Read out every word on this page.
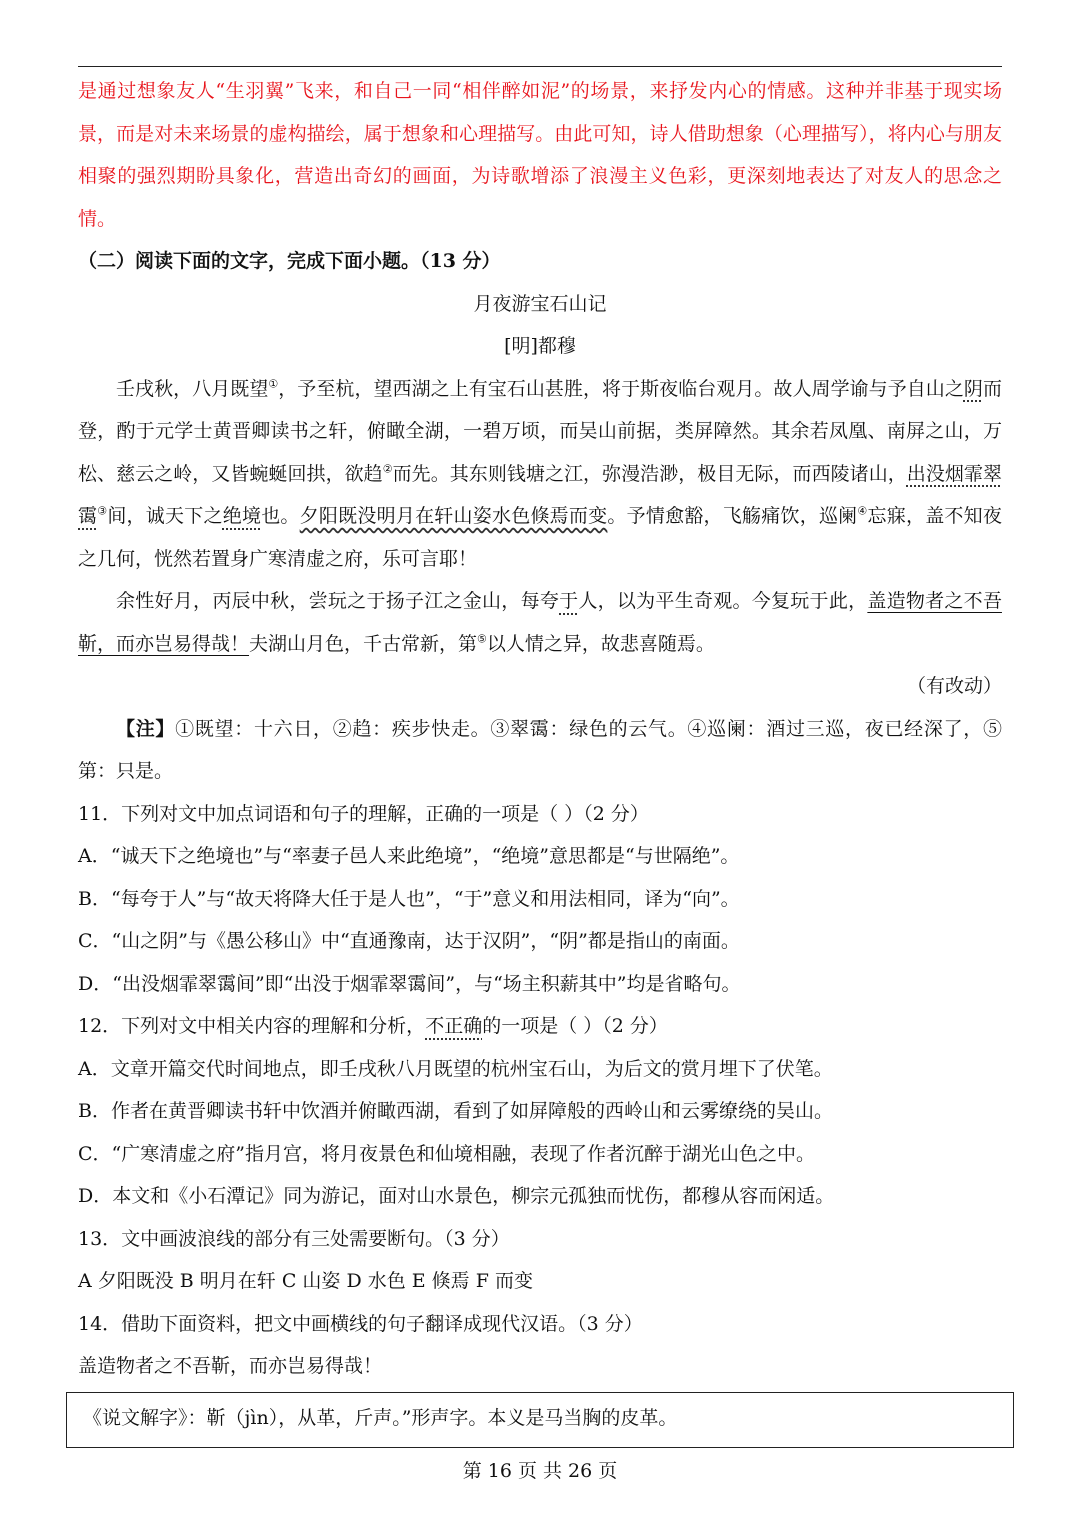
是通过想象友人“生羽翼”飞来，和自己一同“相伴醉如泥”的场景，来抒发内心的情感。这种并非基于现实场景，而是对未来场景的虚构描绘，属于想象和心理描写。由此可知，诗人借助想象（心理描写），将内心与朋友相聚的强烈期盼具象化，营造出奇幻的画面，为诗歌增添了浪漫主义色彩，更深刻地表达了对友人的思念之情。

（二）阅读下面的文字，完成下面小题。（13 分）

月夜游宝石山记

[明]都穆

壬戌秋，八月既望①，予至杭，望西湖之上有宝石山甚胜，将于斯夜临台观月。故人周学谕与予自山之阴而登，酌于元学士黄晋卿读书之轩，俯瞰全湖，一碧万顷，而吴山前据，类屏障然。其余若凤凰、南屏之山，万松、慈云之岭，又皆蜿蜒回拱，欲趋②而先。其东则钱塘之江，弥漫浩渺，极目无际，而西陵诸山，出没烟霏翠霭③间，诚天下之绝境也。夕阳既没明月在轩山姿水色倏焉而变。予情愈豁，飞觞痛饮，巡阑④忘寐，盖不知夜之几何，恍然若置身广寒清虚之府，乐可言耶！

余性好月，丙辰中秋，尝玩之于扬子江之金山，每夸于人，以为平生奇观。今复玩于此，盖造物者之不吾靳，而亦岂易得哉！夫湖山月色，千古常新，第⑤以人情之异，故悲喜随焉。

（有改动）

【注】①既望：十六日，②趋：疾步快走。③翠霭：绿色的云气。④巡阑：酒过三巡，夜已经深了，⑤第：只是。

11．下列对文中加点词语和句子的理解，正确的一项是（ ）（2 分）

A．“诚天下之绝境也”与“率妻子邑人来此绝境”，“绝境”意思都是“与世隔绝”。

B．“每夸于人”与“故天将降大任于是人也”，“于”意义和用法相同，译为“向”。

C．“山之阴”与《愚公移山》中“直通豫南，达于汉阴”，“阴”都是指山的南面。

D．“出没烟霏翠霭间”即“出没于烟霏翠霭间”，与“场主积薪其中”均是省略句。

12．下列对文中相关内容的理解和分析，不正确的一项是（ ）（2 分）

A．文章开篇交代时间地点，即壬戌秋八月既望的杭州宝石山，为后文的赏月埋下了伏笔。

B．作者在黄晋卿读书轩中饮酒并俯瞰西湖，看到了如屏障般的西岭山和云雾缭绕的吴山。

C．“广寒清虚之府”指月宫，将月夜景色和仙境相融，表现了作者沉醉于湖光山色之中。

D．本文和《小石潭记》同为游记，面对山水景色，柳宗元孤独而忧伤，都穆从容而闲适。

13．文中画波浪线的部分有三处需要断句。（3 分）

A 夕阳既没 B 明月在轩 C 山姿 D 水色 E 倏焉 F 而变

14．借助下面资料，把文中画横线的句子翻译成现代汉语。（3 分）

盖造物者之不吾靳，而亦岂易得哉！

《说文解字》：靳（jìn），从革，斤声。”形声字。本义是马当胸的皮革。
第 16 页 共 26 页
